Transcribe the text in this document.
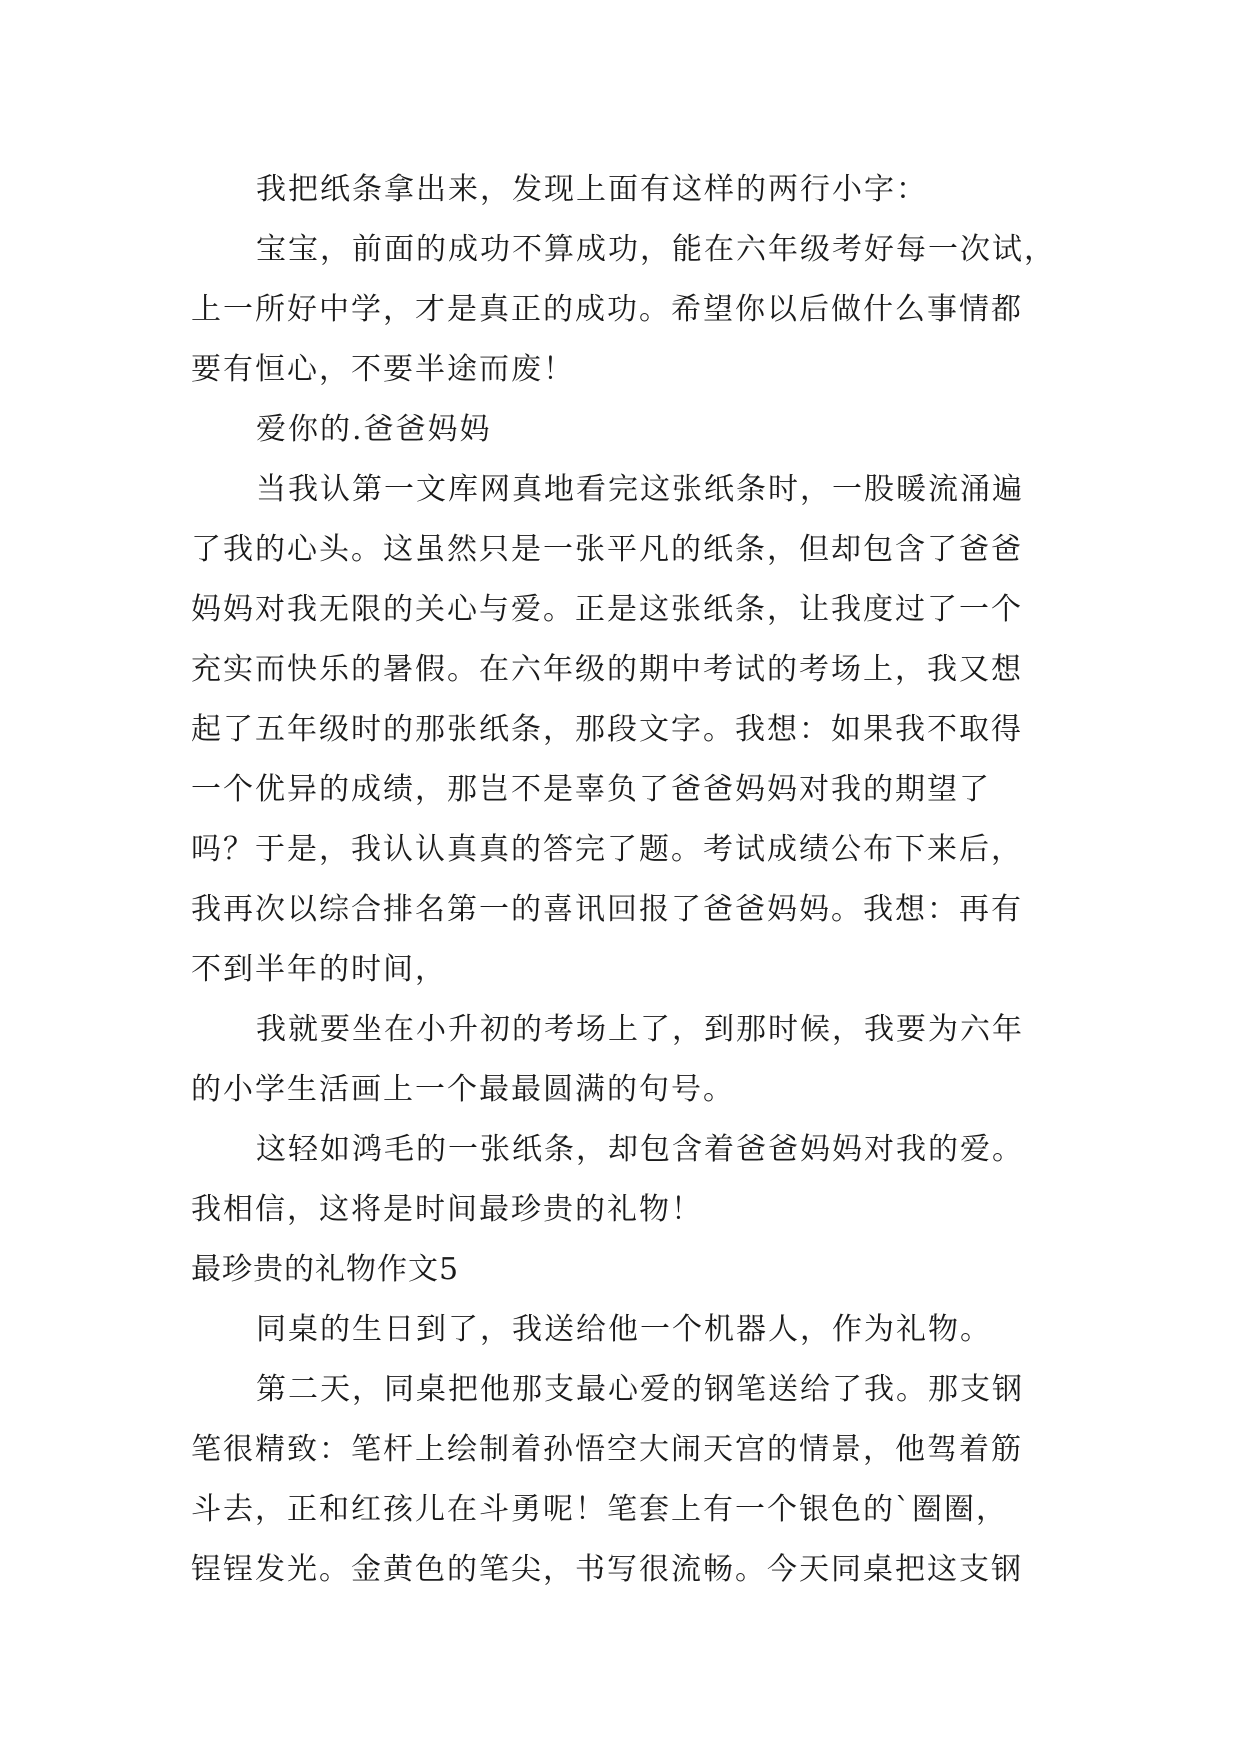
我把纸条拿出来，发现上面有这样的两行小字：
宝宝，前面的成功不算成功，能在六年级考好每一次试，
上一所好中学，才是真正的成功。希望你以后做什么事情都
要有恒心，不要半途而废！
爱你的.爸爸妈妈
当我认第一文库网真地看完这张纸条时，一股暖流涌遍
了我的心头。这虽然只是一张平凡的纸条，但却包含了爸爸
妈妈对我无限的关心与爱。正是这张纸条，让我度过了一个
充实而快乐的暑假。在六年级的期中考试的考场上，我又想
起了五年级时的那张纸条，那段文字。我想：如果我不取得
一个优异的成绩，那岂不是辜负了爸爸妈妈对我的期望了
吗？于是，我认认真真的答完了题。考试成绩公布下来后，
我再次以综合排名第一的喜讯回报了爸爸妈妈。我想：再有
不到半年的时间，
我就要坐在小升初的考场上了，到那时候，我要为六年
的小学生活画上一个最最圆满的句号。
这轻如鸿毛的一张纸条，却包含着爸爸妈妈对我的爱。
我相信，这将是时间最珍贵的礼物！
最珍贵的礼物作文5
同桌的生日到了，我送给他一个机器人，作为礼物。
第二天，同桌把他那支最心爱的钢笔送给了我。那支钢
笔很精致：笔杆上绘制着孙悟空大闹天宫的情景，他驾着筋
斗去，正和红孩儿在斗勇呢！笔套上有一个银色的`圈圈，
锃锃发光。金黄色的笔尖，书写很流畅。今天同桌把这支钢
